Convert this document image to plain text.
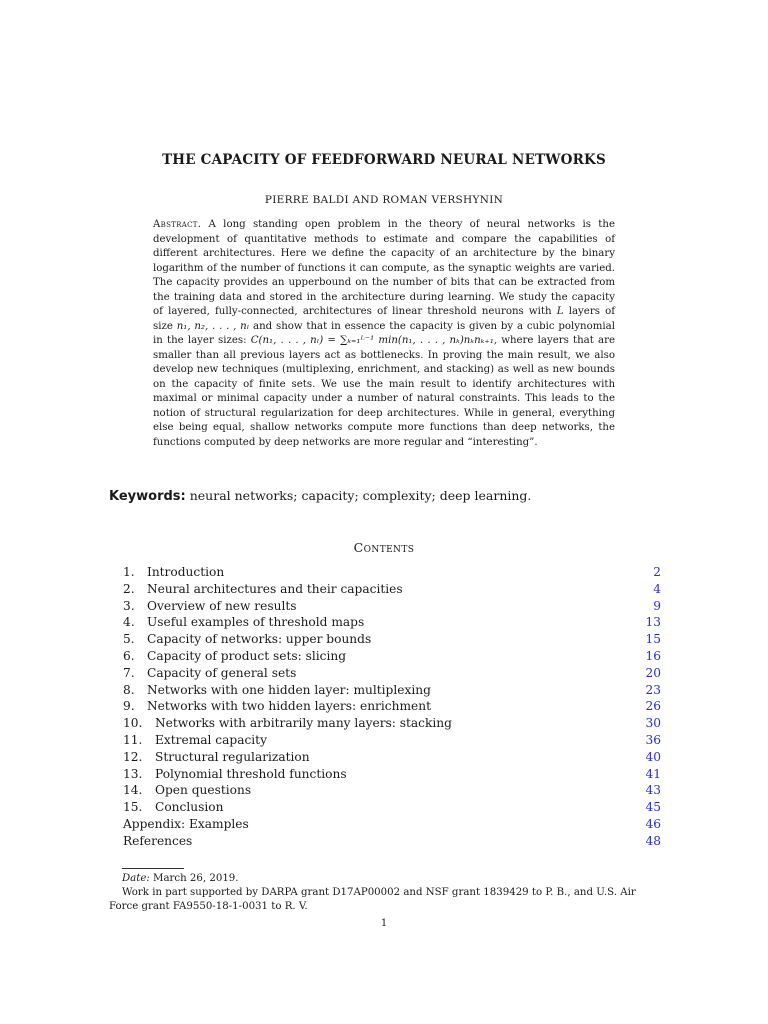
THE CAPACITY OF FEEDFORWARD NEURAL NETWORKS
PIERRE BALDI AND ROMAN VERSHYNIN
Abstract. A long standing open problem in the theory of neural networks is the development of quantitative methods to estimate and compare the capabilities of different architectures. Here we define the capacity of an architecture by the binary logarithm of the number of functions it can compute, as the synaptic weights are varied. The capacity provides an upperbound on the number of bits that can be extracted from the training data and stored in the architecture during learning. We study the capacity of layered, fully-connected, architectures of linear threshold neurons with L layers of size n₁, n₂, . . . , nₗ and show that in essence the capacity is given by a cubic polynomial in the layer sizes: C(n₁, . . . , nₗ) = ∑ₖ₌₁ᴸ⁻¹ min(n₁, . . . , nₖ)nₖnₖ₊₁, where layers that are smaller than all previous layers act as bottlenecks. In proving the main result, we also develop new techniques (multiplexing, enrichment, and stacking) as well as new bounds on the capacity of finite sets. We use the main result to identify architectures with maximal or minimal capacity under a number of natural constraints. This leads to the notion of structural regularization for deep architectures. While in general, everything else being equal, shallow networks compute more functions than deep networks, the functions computed by deep networks are more regular and “interesting”.
Keywords: neural networks; capacity; complexity; deep learning.
Contents
1.	Introduction	2
2.	Neural architectures and their capacities	4
3.	Overview of new results	9
4.	Useful examples of threshold maps	13
5.	Capacity of networks: upper bounds	15
6.	Capacity of product sets: slicing	16
7.	Capacity of general sets	20
8.	Networks with one hidden layer: multiplexing	23
9.	Networks with two hidden layers: enrichment	26
10.	Networks with arbitrarily many layers: stacking	30
11.	Extremal capacity	36
12.	Structural regularization	40
13.	Polynomial threshold functions	41
14.	Open questions	43
15.	Conclusion	45
Appendix: Examples	46
References	48
Date: March 26, 2019.
Work in part supported by DARPA grant D17AP00002 and NSF grant 1839429 to P. B., and U.S. Air Force grant FA9550-18-1-0031 to R. V.
1
